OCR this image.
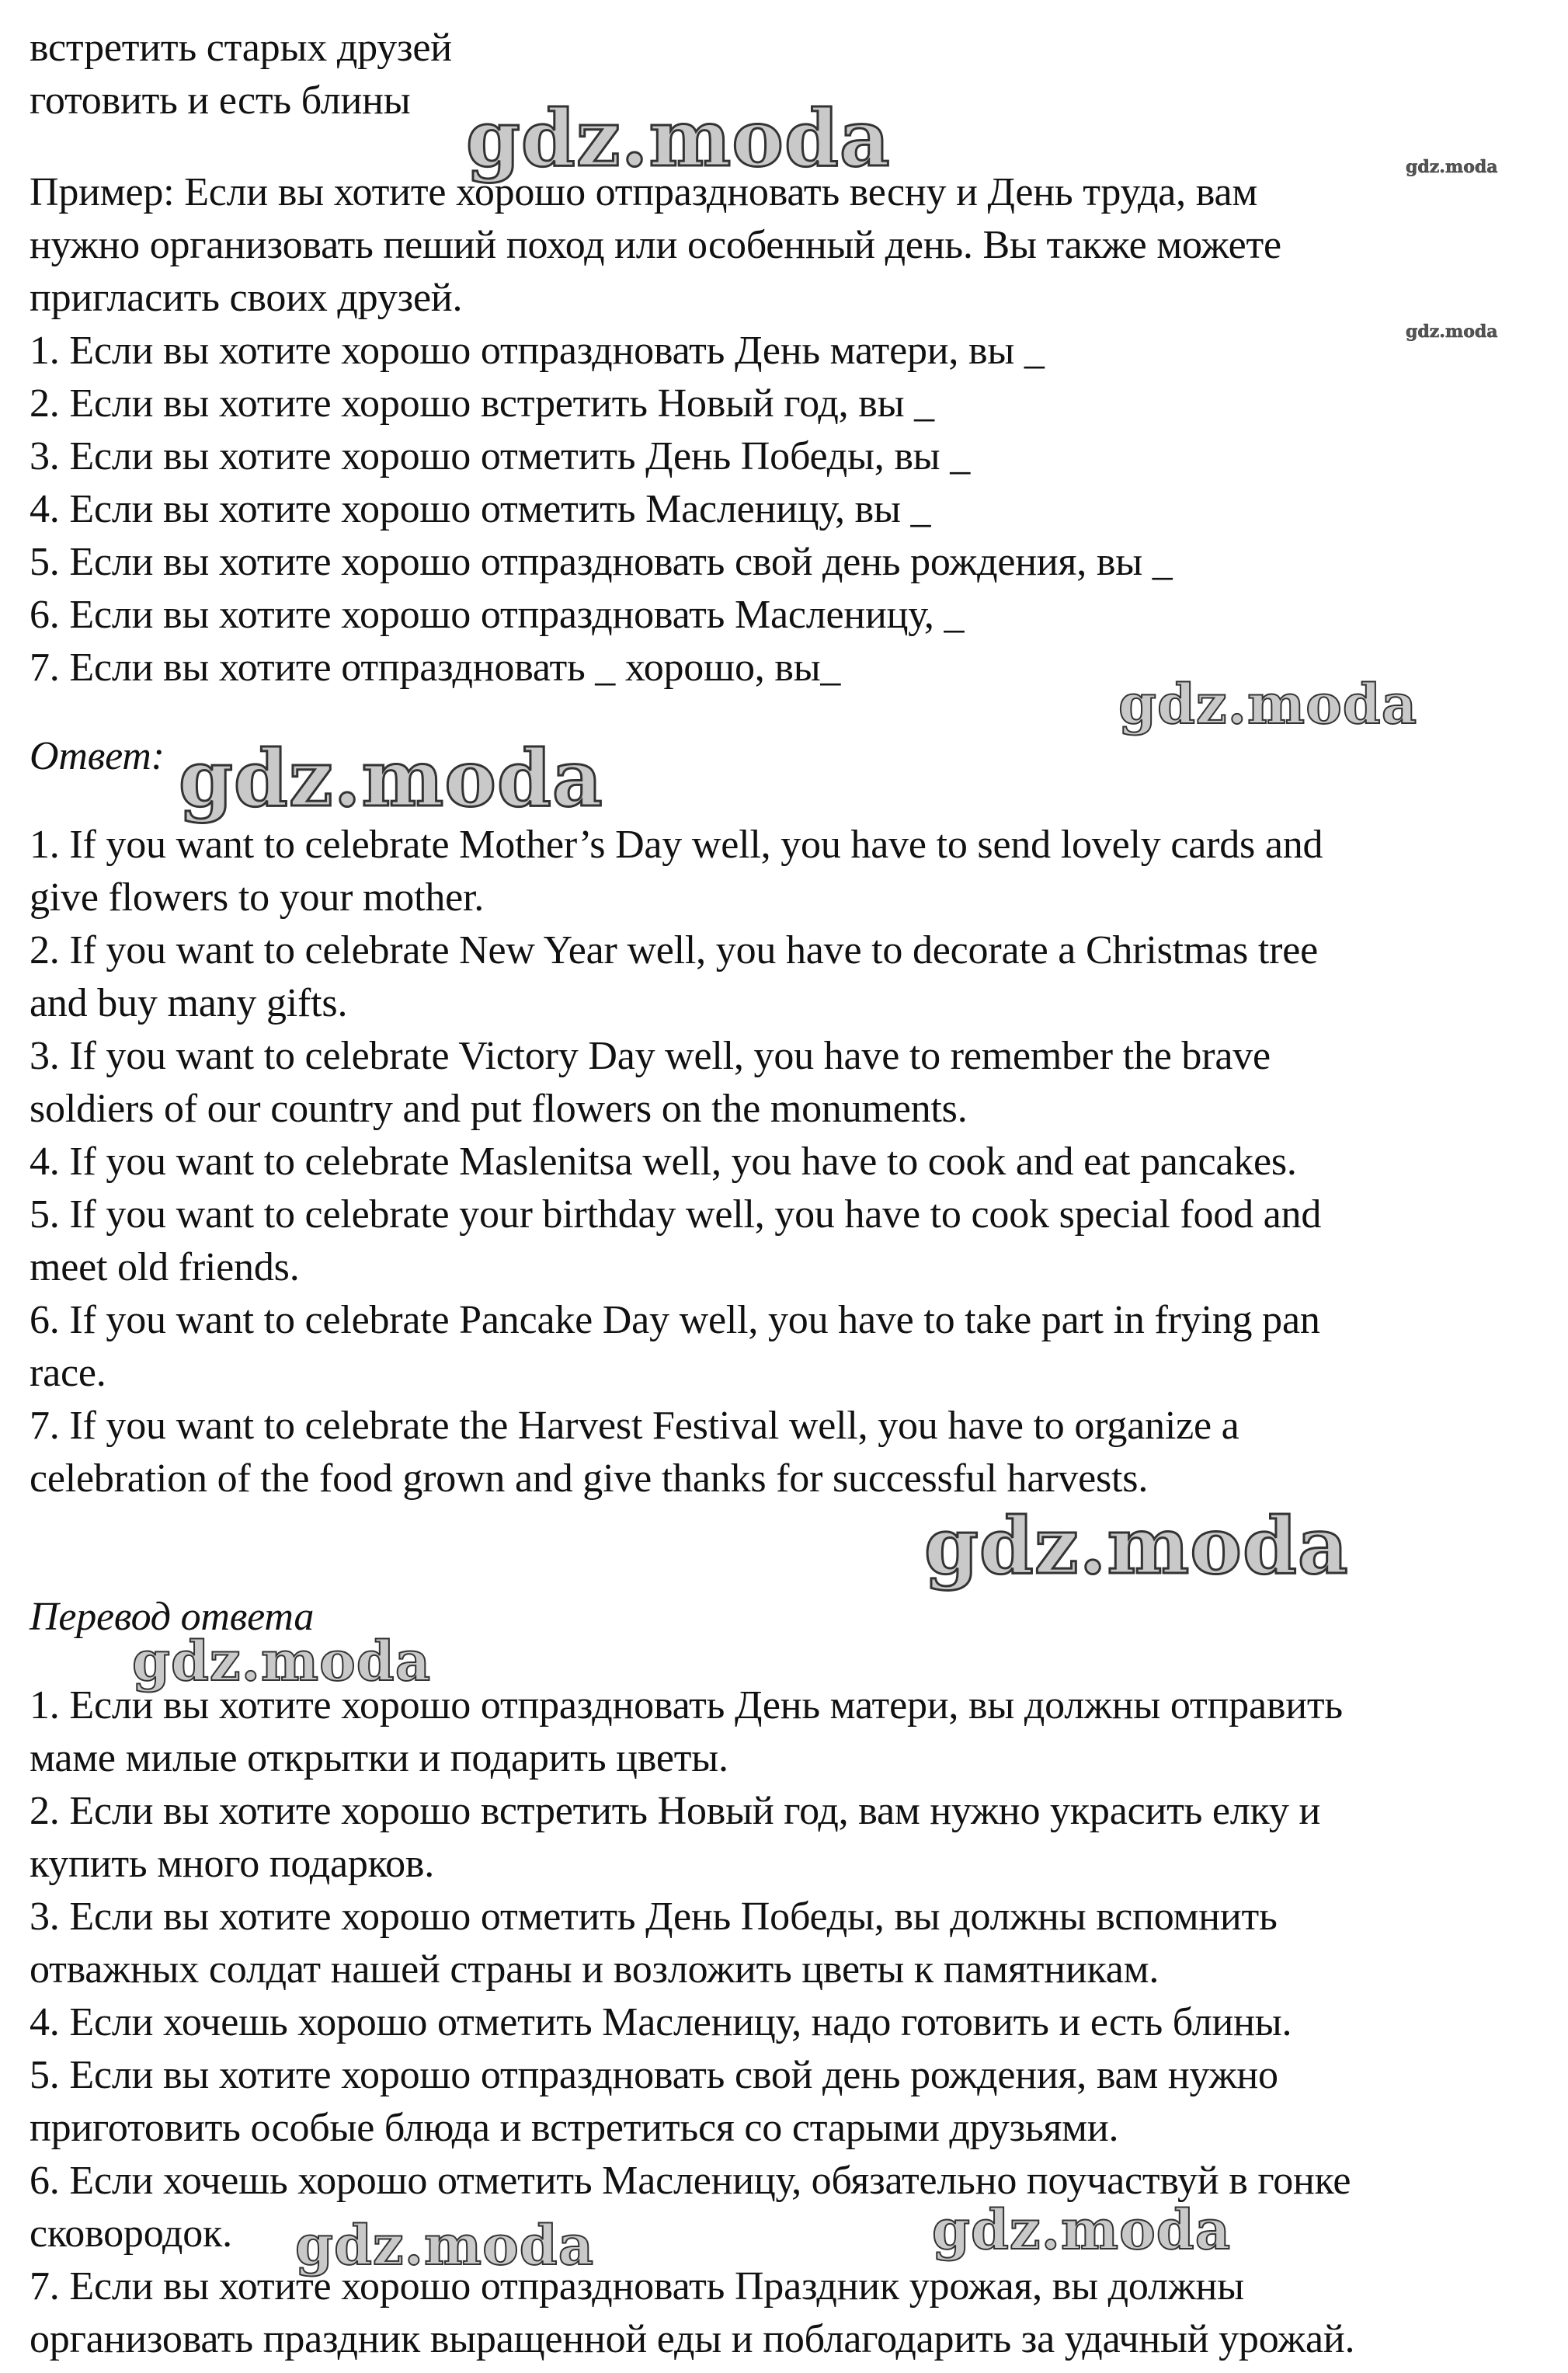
встретить старых друзей
готовить и есть блины
Пример: Если вы хотите хорошо отпраздновать весну и День труда, вам
нужно организовать пеший поход или особенный день. Вы также можете
пригласить своих друзей.
1. Если вы хотите хорошо отпраздновать День матери, вы _
2. Если вы хотите хорошо встретить Новый год, вы _
3. Если вы хотите хорошо отметить День Победы, вы _
4. Если вы хотите хорошо отметить Масленицу, вы _
5. Если вы хотите хорошо отпраздновать свой день рождения, вы _
6. Если вы хотите хорошо отпраздновать Масленицу, _
7. Если вы хотите отпраздновать _ хорошо, вы_
Ответ:
1. If you want to celebrate Mother’s Day well, you have to send lovely cards and
give flowers to your mother.
2. If you want to celebrate New Year well, you have to decorate a Christmas tree
and buy many gifts.
3. If you want to celebrate Victory Day well, you have to remember the brave
soldiers of our country and put flowers on the monuments.
4. If you want to celebrate Maslenitsa well, you have to cook and eat pancakes.
5. If you want to celebrate your birthday well, you have to cook special food and
meet old friends.
6. If you want to celebrate Pancake Day well, you have to take part in frying pan
race.
7. If you want to celebrate the Harvest Festival well, you have to organize a
celebration of the food grown and give thanks for successful harvests.
Перевод ответа
1. Если вы хотите хорошо отпраздновать День матери, вы должны отправить
маме милые открытки и подарить цветы.
2. Если вы хотите хорошо встретить Новый год, вам нужно украсить елку и
купить много подарков.
3. Если вы хотите хорошо отметить День Победы, вы должны вспомнить
отважных солдат нашей страны и возложить цветы к памятникам.
4. Если хочешь хорошо отметить Масленицу, надо готовить и есть блины.
5. Если вы хотите хорошо отпраздновать свой день рождения, вам нужно
приготовить особые блюда и встретиться со старыми друзьями.
6. Если хочешь хорошо отметить Масленицу, обязательно поучаствуй в гонке
сковородок.
7. Если вы хотите хорошо отпраздновать Праздник урожая, вы должны
организовать праздник выращенной еды и поблагодарить за удачный урожай.
gdz.moda	gdz.moda
gdz.moda
gdz.moda
gdz.moda
gdz.moda
gdz.moda
gdz.moda	gdz.moda
